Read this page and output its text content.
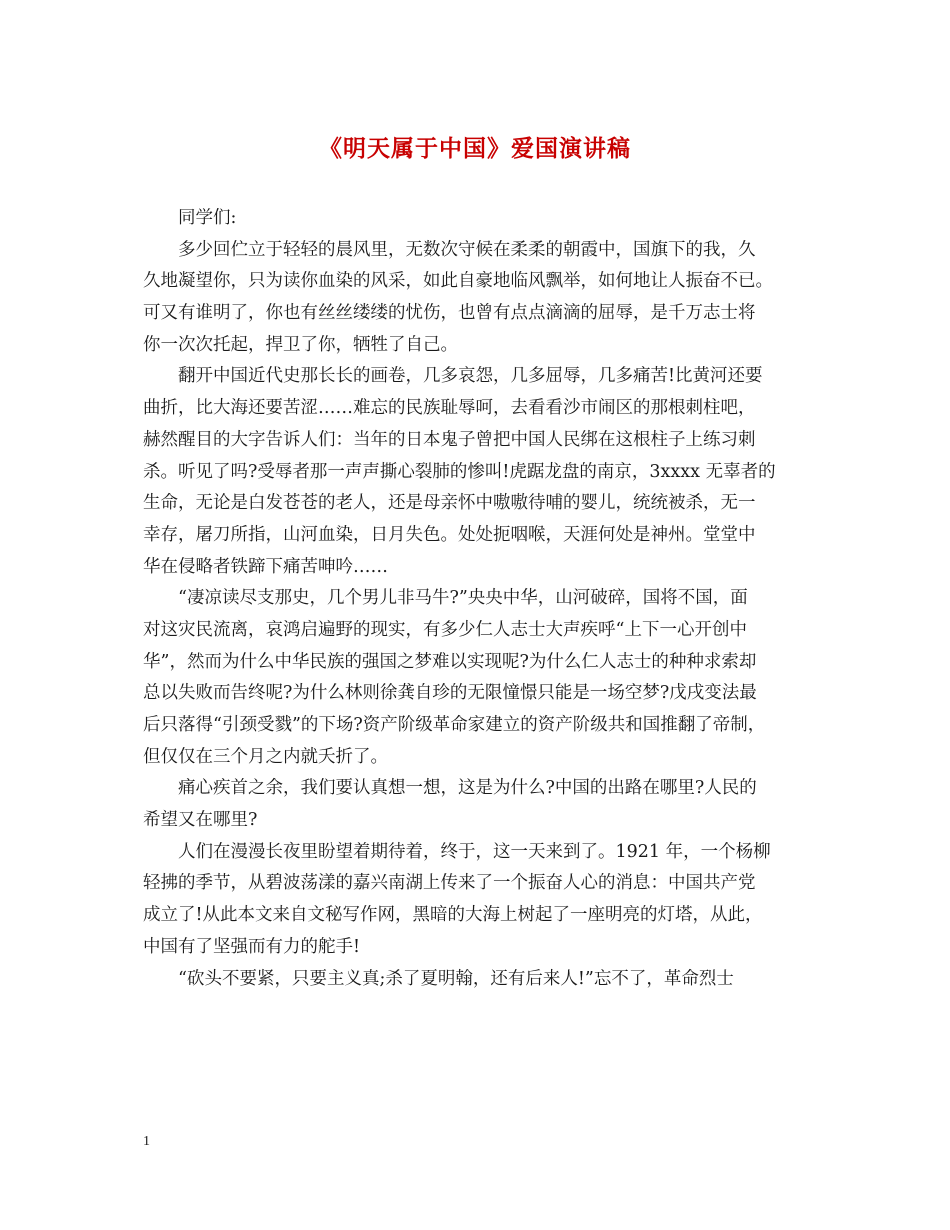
《明天属于中国》爱国演讲稿
同学们:
多少回伫立于轻轻的晨风里，无数次守候在柔柔的朝霞中，国旗下的我，久
久地凝望你，只为读你血染的风采，如此自豪地临风飘举，如何地让人振奋不已。
可又有谁明了，你也有丝丝缕缕的忧伤，也曾有点点滴滴的屈辱，是千万志士将
你一次次托起，捍卫了你，牺牲了自己。
翻开中国近代史那长长的画卷，几多哀怨，几多屈辱，几多痛苦!比黄河还要
曲折，比大海还要苦涩……难忘的民族耻辱呵，去看看沙市闹区的那根刺柱吧，
赫然醒目的大字告诉人们：当年的日本鬼子曾把中国人民绑在这根柱子上练习刺
杀。听见了吗?受辱者那一声声撕心裂肺的惨叫!虎踞龙盘的南京，3xxxx 无辜者的
生命，无论是白发苍苍的老人，还是母亲怀中嗷嗷待哺的婴儿，统统被杀，无一
幸存，屠刀所指，山河血染，日月失色。处处扼咽喉，天涯何处是神州。堂堂中
华在侵略者铁蹄下痛苦呻吟……
“凄凉读尽支那史，几个男儿非马牛?”央央中华，山河破碎，国将不国，面
对这灾民流离，哀鸿启遍野的现实，有多少仁人志士大声疾呼“上下一心开创中
华”，然而为什么中华民族的强国之梦难以实现呢?为什么仁人志士的种种求索却
总以失败而告终呢?为什么林则徐龚自珍的无限憧憬只能是一场空梦?戊戌变法最
后只落得“引颈受戮”的下场?资产阶级革命家建立的资产阶级共和国推翻了帝制，
但仅仅在三个月之内就夭折了。
痛心疾首之余，我们要认真想一想，这是为什么?中国的出路在哪里?人民的
希望又在哪里?
人们在漫漫长夜里盼望着期待着，终于，这一天来到了。1921 年，一个杨柳
轻拂的季节，从碧波荡漾的嘉兴南湖上传来了一个振奋人心的消息：中国共产党
成立了!从此本文来自文秘写作网，黑暗的大海上树起了一座明亮的灯塔，从此，
中国有了坚强而有力的舵手!
“砍头不要紧，只要主义真;杀了夏明翰，还有后来人!”忘不了，革命烈士
1
